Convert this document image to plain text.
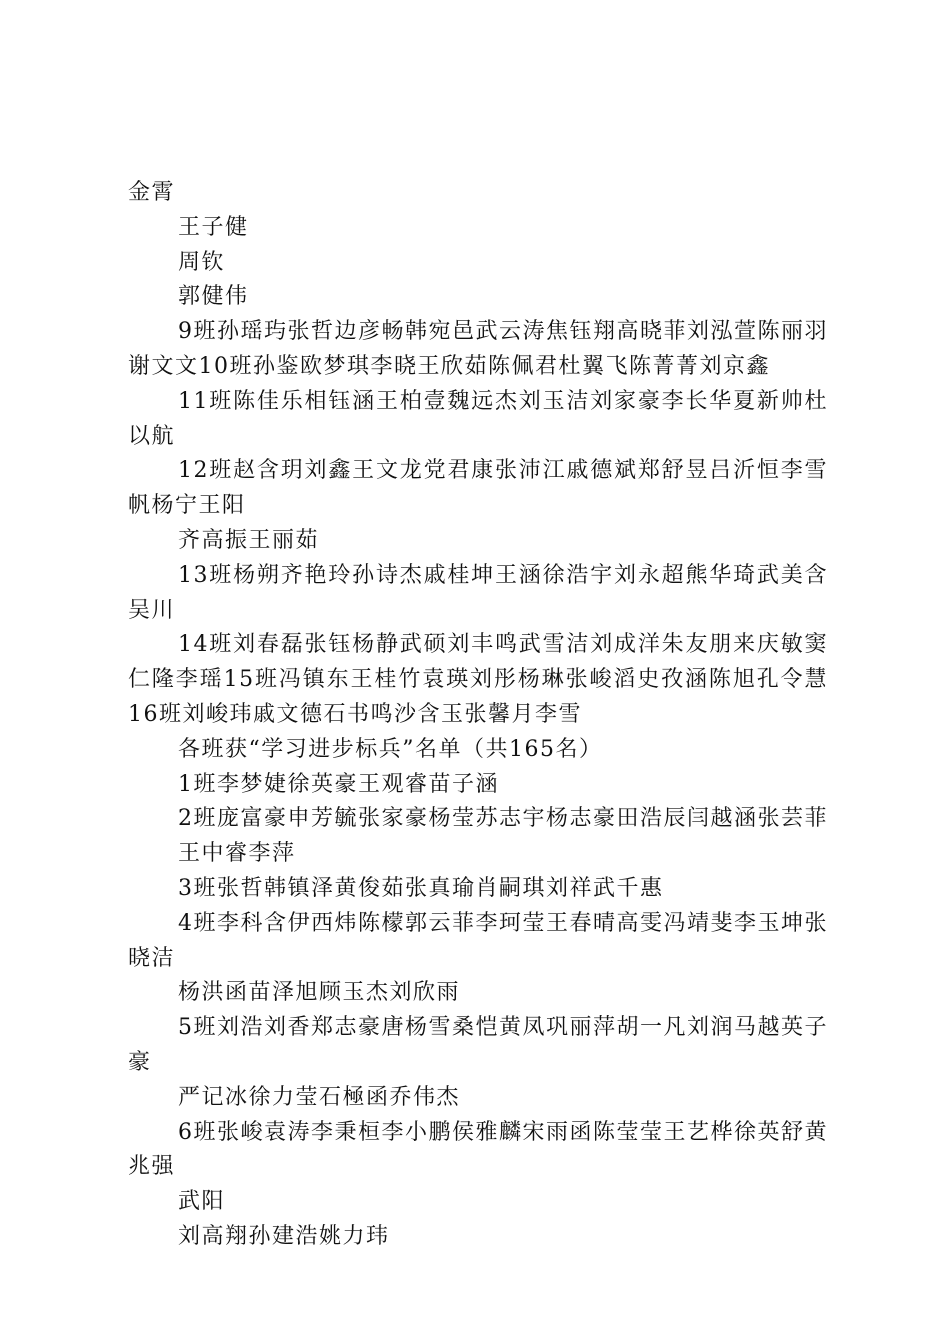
金霄

王子健

周钦

郭健伟

9班孙瑶玙张哲边彦畅韩宛邑武云涛焦钰翔高晓菲刘泓萱陈丽羽谢文文10班孙鉴欧梦琪李晓王欣茹陈佩君杜翼飞陈菁菁刘京鑫

11班陈佳乐相钰涵王柏壹魏远杰刘玉洁刘家豪李长华夏新帅杜以航

12班赵含玥刘鑫王文龙党君康张沛江戚德斌郑舒昱吕沂恒李雪帆杨宁王阳

齐高振王丽茹

13班杨朔齐艳玲孙诗杰戚桂坤王涵徐浩宇刘永超熊华琦武美含吴川

14班刘春磊张钰杨静武硕刘丰鸣武雪洁刘成洋朱友朋来庆敏窦仁隆李瑶15班冯镇东王桂竹袁瑛刘彤杨琳张峻滔史孜涵陈旭孔令慧16班刘峻玮戚文德石书鸣沙含玉张馨月李雪

各班获“学习进步标兵”名单（共165名）

1班李梦婕徐英豪王观睿苗子涵

2班庞富豪申芳毓张家豪杨莹苏志宇杨志豪田浩辰闫越涵张芸菲

王中睿李萍

3班张哲韩镇泽黄俊茹张真瑜肖嗣琪刘祥武千惠

4班李科含伊西炜陈檬郭云菲李珂莹王春晴高雯冯靖斐李玉坤张晓洁

杨洪函苗泽旭顾玉杰刘欣雨

5班刘浩刘香郑志豪唐杨雪桑恺黄凤巩丽萍胡一凡刘润马越英子豪

严记冰徐力莹石極函乔伟杰

6班张峻袁涛李秉桓李小鹏侯雅麟宋雨函陈莹莹王艺桦徐英舒黄兆强

武阳

刘高翔孙建浩姚力玮
